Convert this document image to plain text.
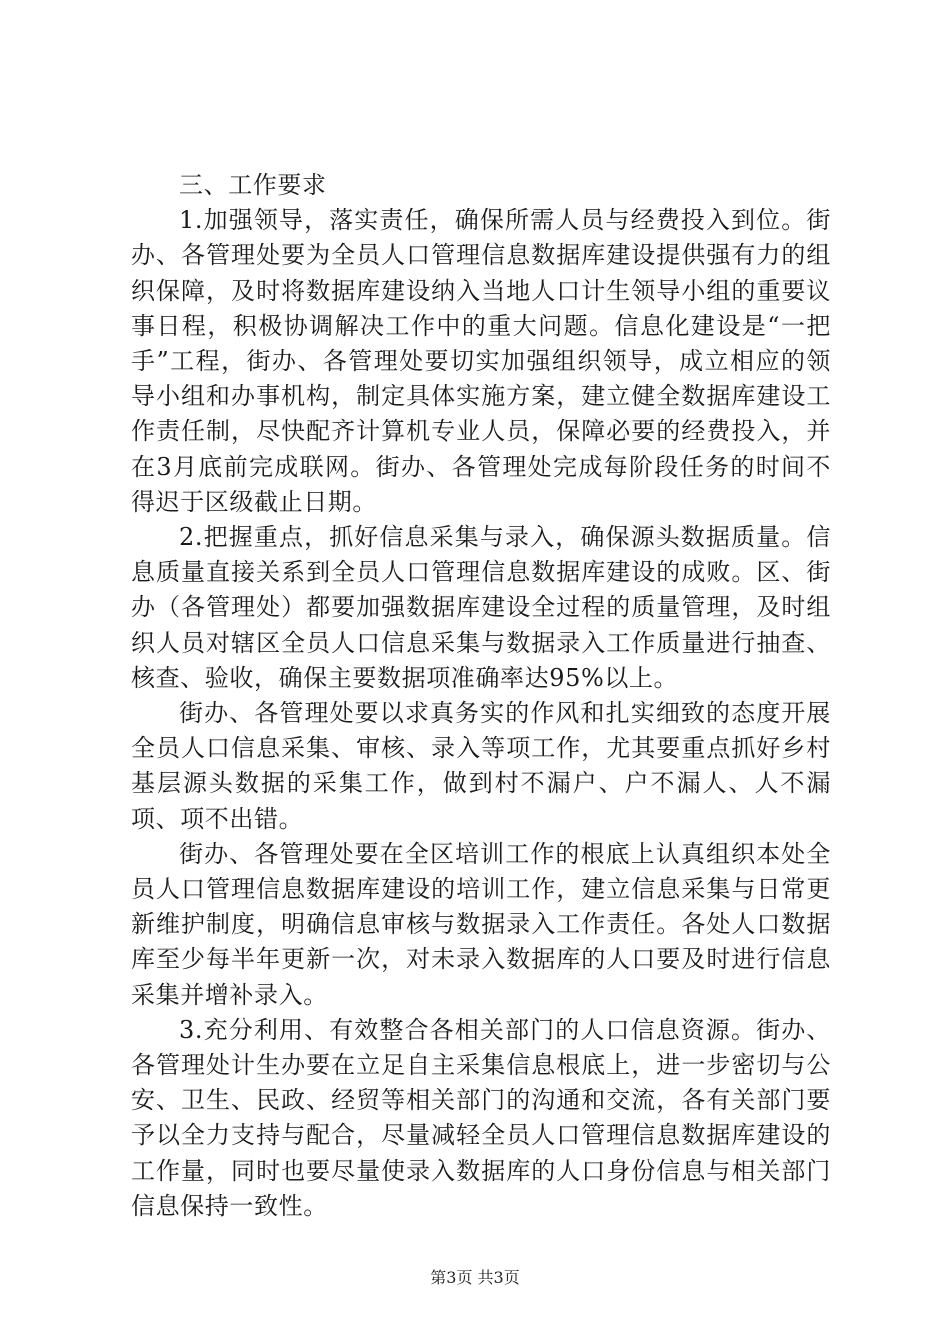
三、工作要求

1.加强领导，落实责任，确保所需人员与经费投入到位。街办、各管理处要为全员人口管理信息数据库建设提供强有力的组织保障，及时将数据库建设纳入当地人口计生领导小组的重要议事日程，积极协调解决工作中的重大问题。信息化建设是“一把手”工程，街办、各管理处要切实加强组织领导，成立相应的领导小组和办事机构，制定具体实施方案，建立健全数据库建设工作责任制，尽快配齐计算机专业人员，保障必要的经费投入，并在3月底前完成联网。街办、各管理处完成每阶段任务的时间不得迟于区级截止日期。

2.把握重点，抓好信息采集与录入，确保源头数据质量。信息质量直接关系到全员人口管理信息数据库建设的成败。区、街办（各管理处）都要加强数据库建设全过程的质量管理，及时组织人员对辖区全员人口信息采集与数据录入工作质量进行抽查、核查、验收，确保主要数据项准确率达95%以上。

街办、各管理处要以求真务实的作风和扎实细致的态度开展全员人口信息采集、审核、录入等项工作，尤其要重点抓好乡村基层源头数据的采集工作，做到村不漏户、户不漏人、人不漏项、项不出错。

街办、各管理处要在全区培训工作的根底上认真组织本处全员人口管理信息数据库建设的培训工作，建立信息采集与日常更新维护制度，明确信息审核与数据录入工作责任。各处人口数据库至少每半年更新一次，对未录入数据库的人口要及时进行信息采集并增补录入。

3.充分利用、有效整合各相关部门的人口信息资源。街办、各管理处计生办要在立足自主采集信息根底上，进一步密切与公安、卫生、民政、经贸等相关部门的沟通和交流，各有关部门要予以全力支持与配合，尽量减轻全员人口管理信息数据库建设的工作量，同时也要尽量使录入数据库的人口身份信息与相关部门信息保持一致性。

第3页 共3页
